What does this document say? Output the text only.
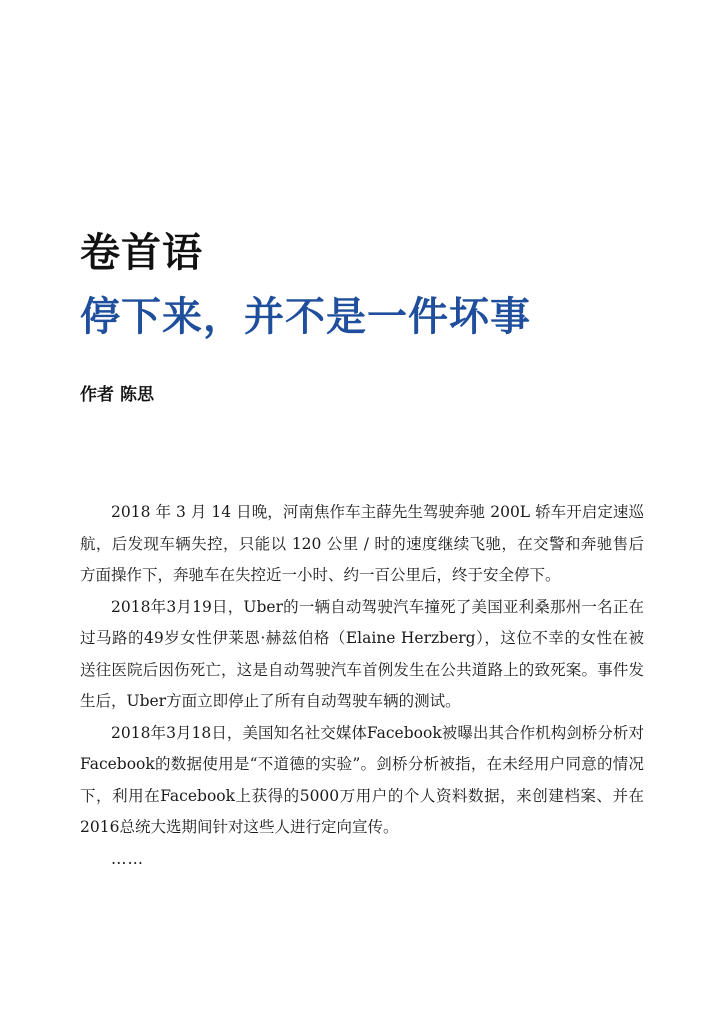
卷首语
停下来，并不是一件坏事
作者 陈思

2018 年 3 月 14 日晚，河南焦作车主薛先生驾驶奔驰 200L 轿车开启定速巡航，后发现车辆失控，只能以 120 公里 / 时的速度继续飞驰，在交警和奔驰售后方面操作下，奔驰车在失控近一小时、约一百公里后，终于安全停下。

2018年3月19日，Uber的一辆自动驾驶汽车撞死了美国亚利桑那州一名正在过马路的49岁女性伊莱恩·赫兹伯格（Elaine Herzberg），这位不幸的女性在被送往医院后因伤死亡，这是自动驾驶汽车首例发生在公共道路上的致死案。事件发生后，Uber方面立即停止了所有自动驾驶车辆的测试。

2018年3月18日，美国知名社交媒体Facebook被曝出其合作机构剑桥分析对Facebook的数据使用是“不道德的实验”。剑桥分析被指，在未经用户同意的情况下，利用在Facebook上获得的5000万用户的个人资料数据，来创建档案、并在2016总统大选期间针对这些人进行定向宣传。

……
